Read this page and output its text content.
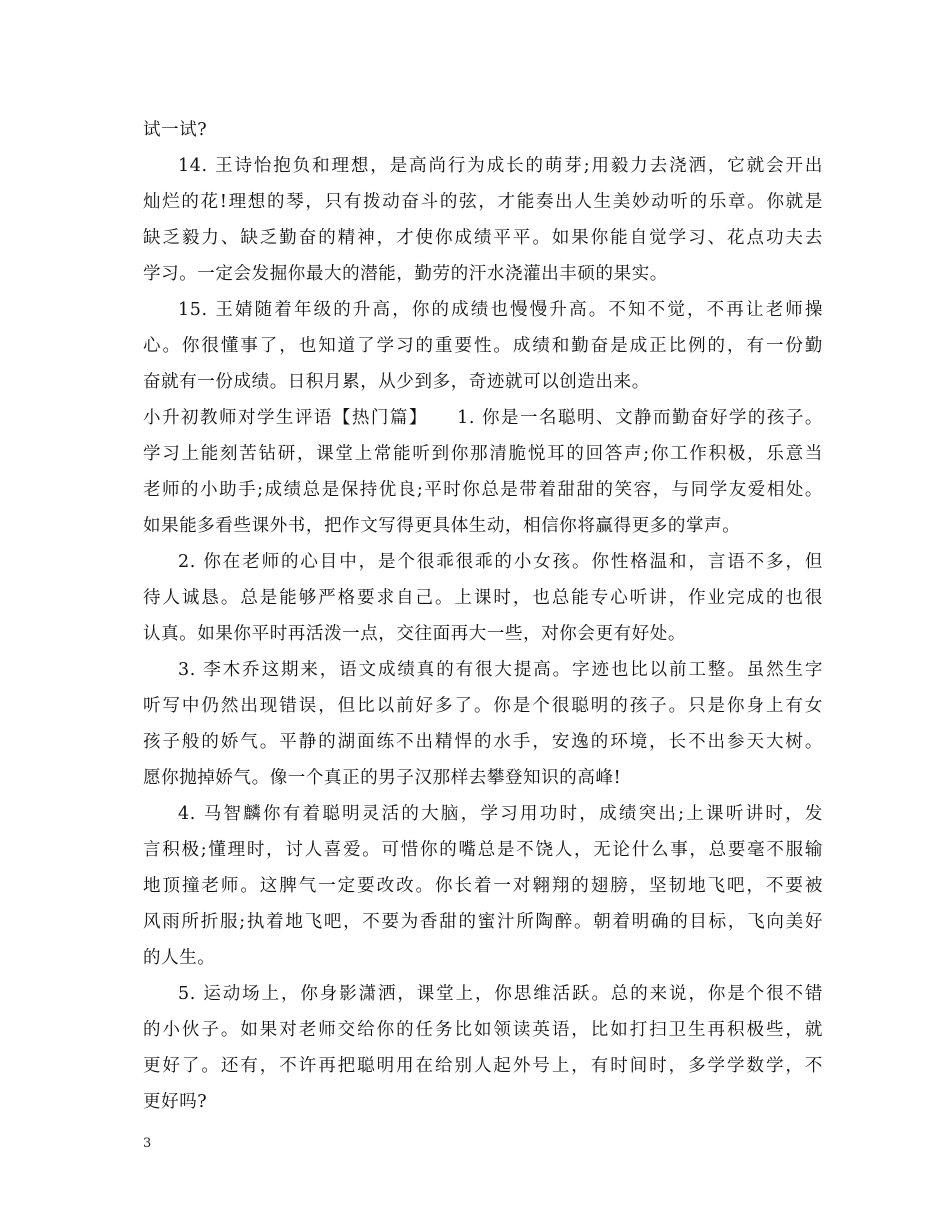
试一试?
14. 王诗怡抱负和理想，是高尚行为成长的萌芽;用毅力去浇洒，它就会开出
灿烂的花!理想的琴，只有拨动奋斗的弦，才能奏出人生美妙动听的乐章。你就是
缺乏毅力、缺乏勤奋的精神，才使你成绩平平。如果你能自觉学习、花点功夫去
学习。一定会发掘你最大的潜能，勤劳的汗水浇灌出丰硕的果实。
15. 王婧随着年级的升高，你的成绩也慢慢升高。不知不觉，不再让老师操
心。你很懂事了，也知道了学习的重要性。成绩和勤奋是成正比例的，有一份勤
奋就有一份成绩。日积月累，从少到多，奇迹就可以创造出来。
小升初教师对学生评语【热门篇】　　1. 你是一名聪明、文静而勤奋好学的孩子。
学习上能刻苦钻研，课堂上常能听到你那清脆悦耳的回答声;你工作积极，乐意当
老师的小助手;成绩总是保持优良;平时你总是带着甜甜的笑容，与同学友爱相处。
如果能多看些课外书，把作文写得更具体生动，相信你将赢得更多的掌声。
2. 你在老师的心目中，是个很乖很乖的小女孩。你性格温和，言语不多，但
待人诚恳。总是能够严格要求自己。上课时，也总能专心听讲，作业完成的也很
认真。如果你平时再活泼一点，交往面再大一些，对你会更有好处。
3. 李木乔这期来，语文成绩真的有很大提高。字迹也比以前工整。虽然生字
听写中仍然出现错误，但比以前好多了。你是个很聪明的孩子。只是你身上有女
孩子般的娇气。平静的湖面练不出精悍的水手，安逸的环境，长不出参天大树。
愿你抛掉娇气。像一个真正的男子汉那样去攀登知识的高峰!
4. 马智麟你有着聪明灵活的大脑，学习用功时，成绩突出;上课听讲时，发
言积极;懂理时，讨人喜爱。可惜你的嘴总是不饶人，无论什么事，总要毫不服输
地顶撞老师。这脾气一定要改改。你长着一对翱翔的翅膀，坚韧地飞吧，不要被
风雨所折服;执着地飞吧，不要为香甜的蜜汁所陶醉。朝着明确的目标，飞向美好
的人生。
5. 运动场上，你身影潇洒，课堂上，你思维活跃。总的来说，你是个很不错
的小伙子。如果对老师交给你的任务比如领读英语，比如打扫卫生再积极些，就
更好了。还有，不许再把聪明用在给别人起外号上，有时间时，多学学数学，不
更好吗?
3
